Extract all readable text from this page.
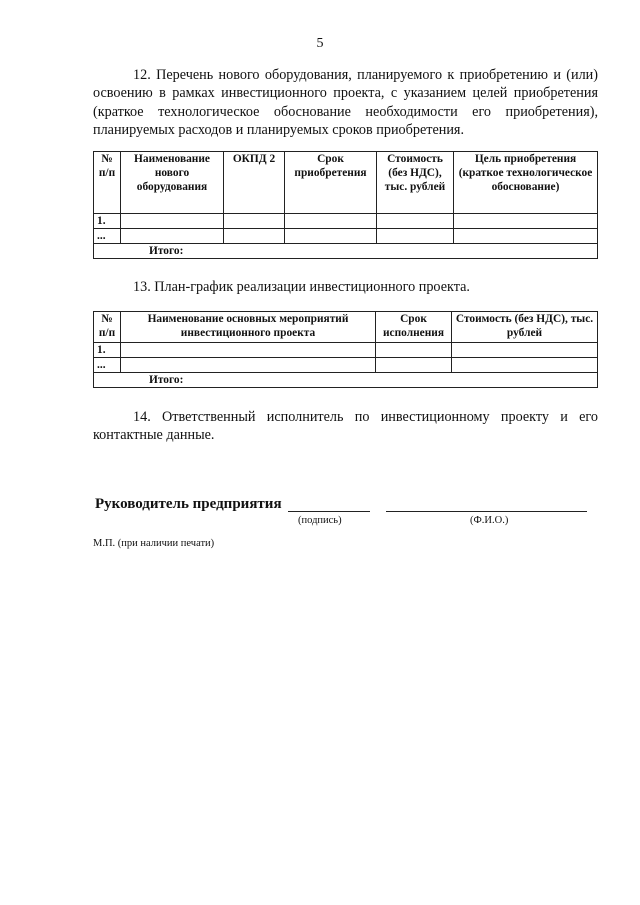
5

12. Перечень нового оборудования, планируемого к приобретению и (или) освоению в рамках инвестиционного проекта, с указанием целей приобретения (краткое технологическое обоснование необходимости его приобретения), планируемых расходов и планируемых сроков приобретения.

№ п/п	Наименование нового оборудования	ОКПД 2	Срок приобретения	Стоимость (без НДС), тыс. рублей	Цель приобретения (краткое технологическое обоснование)
1.					
...					
Итого:					

13. План-график реализации инвестиционного проекта.

№ п/п	Наименование основных мероприятий инвестиционного проекта	Срок исполнения	Стоимость (без НДС), тыс. рублей
1.			
...			
Итого:			

14. Ответственный исполнитель по инвестиционному проекту и его контактные данные.

Руководитель предприятия
(подпись)	(Ф.И.О.)
М.П. (при наличии печати)
